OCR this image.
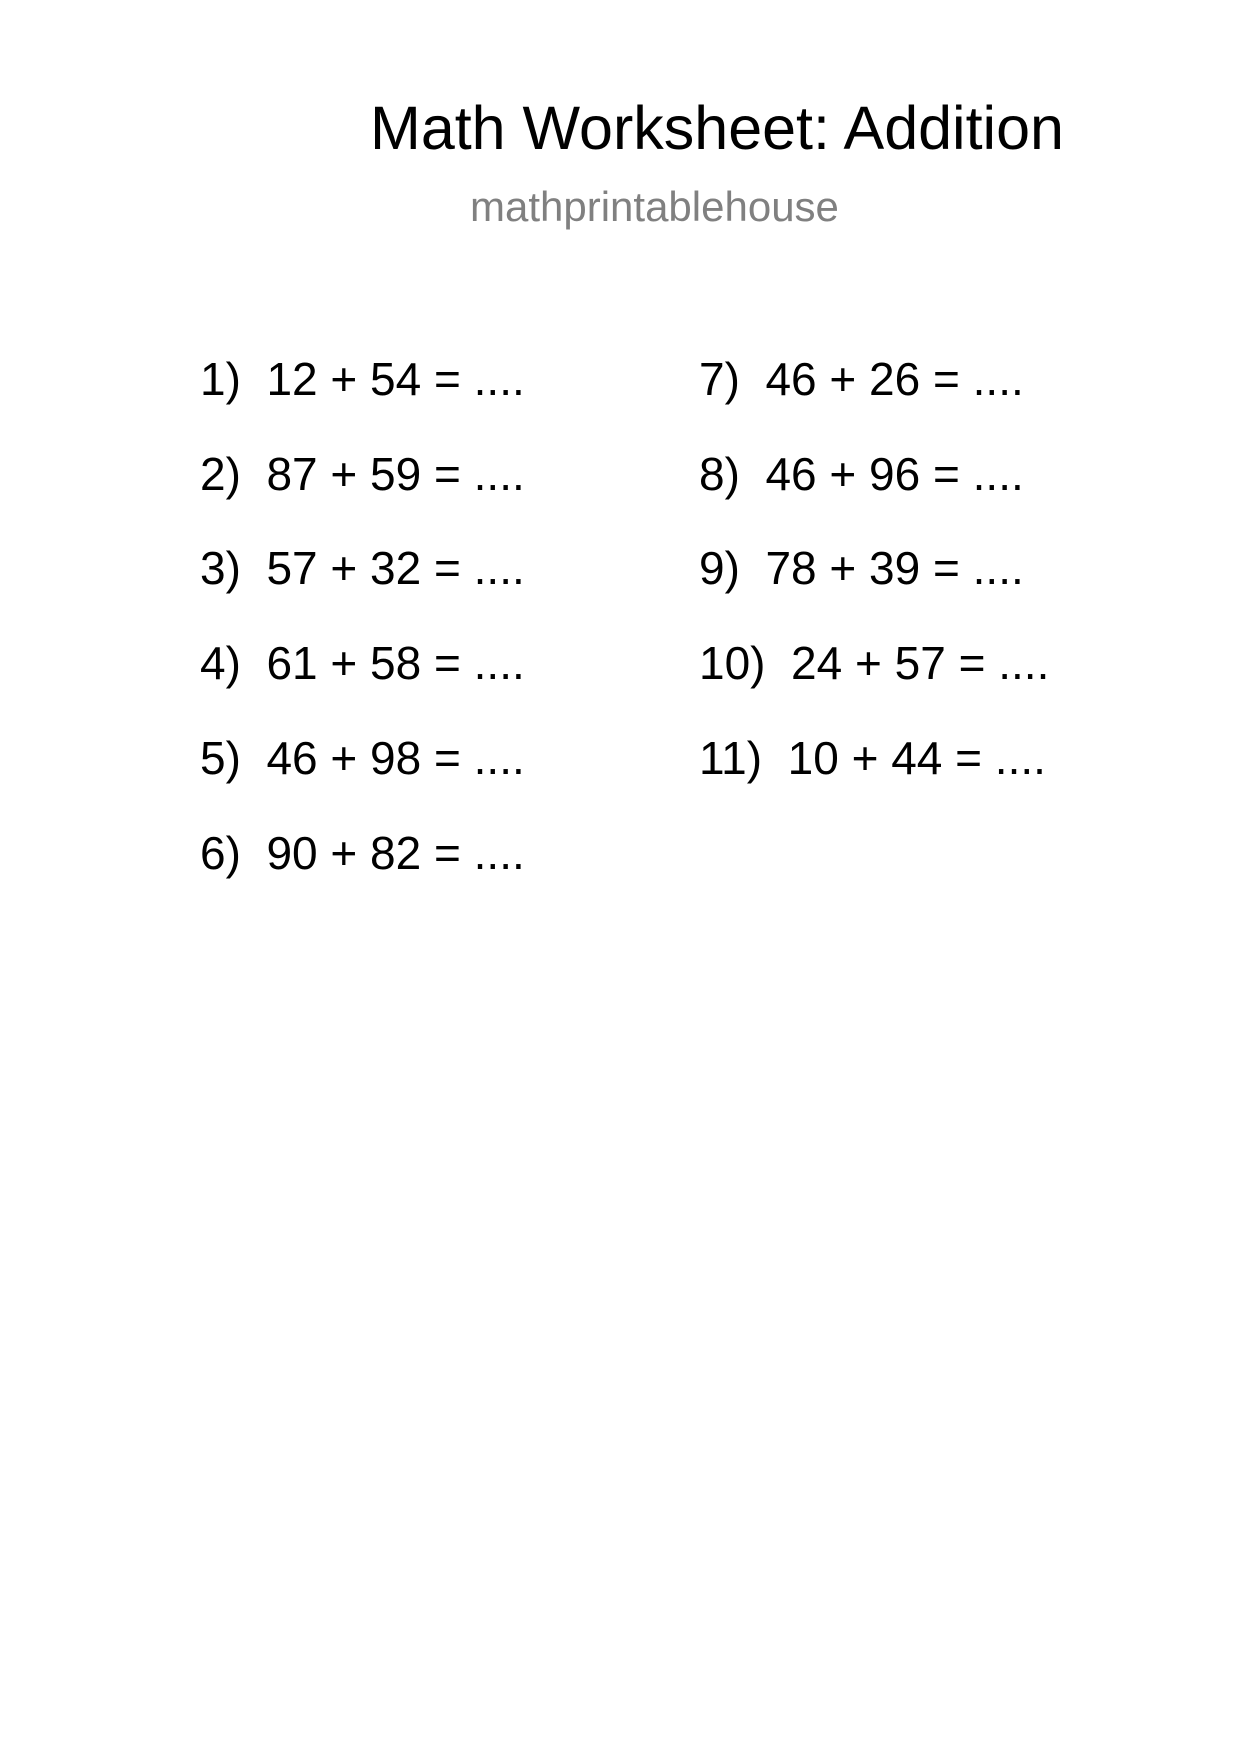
Math Worksheet: Addition
mathprintablehouse
1)  12 + 54 = ....
2)  87 + 59 = ....
3)  57 + 32 = ....
4)  61 + 58 = ....
5)  46 + 98 = ....
6)  90 + 82 = ....
7)  46 + 26 = ....
8)  46 + 96 = ....
9)  78 + 39 = ....
10)  24 + 57 = ....
11)  10 + 44 = ....
